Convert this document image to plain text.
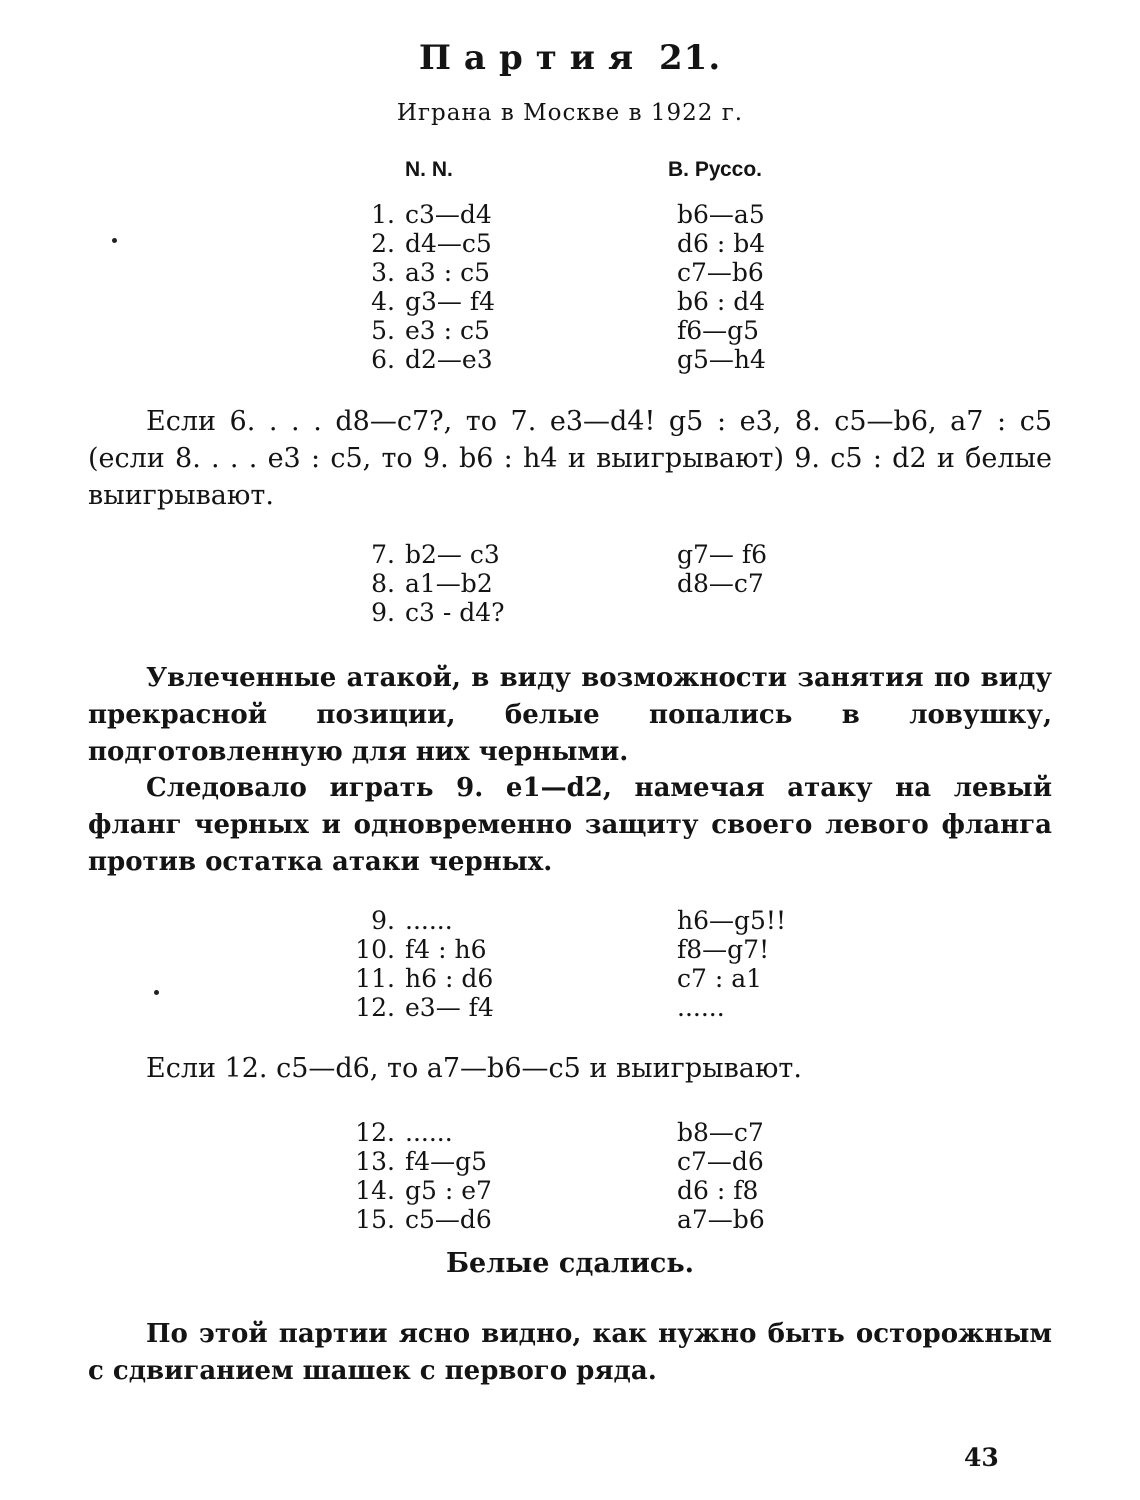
Партия 21.
Играна в Москве в 1922 г.
N. N.	В. Руссо.
1. c3—d4	b6—a5
2. d4—c5	d6 : b4
3. a3 : c5	c7—b6
4. g3— f4	b6 : d4
5. e3 : c5	f6—g5
6. d2—e3	g5—h4

Если 6. . . . d8—c7?, то 7. e3—d4! g5 : e3, 8. c5—b6, a7 : c5 (если 8. . . . e3 : c5, то 9. b6 : h4 и выигрывают) 9. c5 : d2 и белые выигрывают.

7. b2— c3	g7— f6
8. a1—b2	d8—c7
9. c3 - d4?

Увлеченные атакой, в виду возможности занятия по виду прекрасной позиции, белые попались в ловушку, подготовленную для них черными.

Следовало играть 9. e1—d2, намечая атаку на левый фланг черных и одновременно защиту своего левого фланга против остатка атаки черных.

9. ......	h6—g5!!
10. f4 : h6	f8—g7!
11. h6 : d6	c7 : a1
12. e3— f4	......

Если 12. c5—d6, то a7—b6—c5 и выигрывают.

12. ......	b8—c7
13. f4—g5	c7—d6
14. g5 : e7	d6 : f8
15. c5—d6	a7—b6
Белые сдались.

По этой партии ясно видно, как нужно быть осторожным с сдвиганием шашек с первого ряда.

43
